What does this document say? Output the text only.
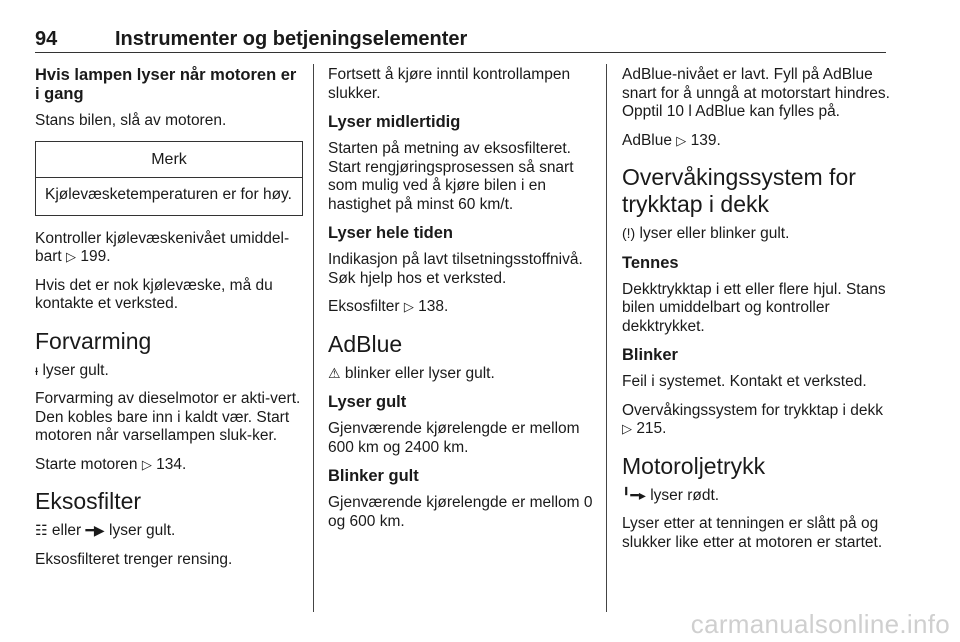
94	Instrumenter og betjeningselementer
Hvis lampen lyser når motoren er i gang

Stans bilen, slå av motoren.

Merk
Kjølevæsketemperaturen er for høy.

Kontroller kjølevæskenivået umiddel-bart ▷ 199.

Hvis det er nok kjølevæske, må du kontakte et verksted.

Forvarming

ᵼ lyser gult.

Forvarming av dieselmotor er akti-vert. Den kobles bare inn i kaldt vær. Start motoren når varsellampen sluk-ker.

Starte motoren ▷ 134.

Eksosfilter

☷ eller ━▶ lyser gult.

Eksosfilteret trenger rensing.

Fortsett å kjøre inntil kontrollampen slukker.

Lyser midlertidig

Starten på metning av eksosfilteret. Start rengjøringsprosessen så snart som mulig ved å kjøre bilen i en hastighet på minst 60 km/t.

Lyser hele tiden

Indikasjon på lavt tilsetningsstoffnivå. Søk hjelp hos et verksted.

Eksosfilter ▷ 138.

AdBlue

⚠ blinker eller lyser gult.

Lyser gult

Gjenværende kjørelengde er mellom 600 km og 2400 km.

Blinker gult

Gjenværende kjørelengde er mellom 0 og 600 km.

AdBlue-nivået er lavt. Fyll på AdBlue snart for å unngå at motorstart hindres. Opptil 10 l AdBlue kan fylles på.

AdBlue ▷ 139.

Overvåkingssystem for trykktap i dekk

(!) lyser eller blinker gult.

Tennes

Dekktrykktap i ett eller flere hjul. Stans bilen umiddelbart og kontroller dekktrykket.

Blinker

Feil i systemet. Kontakt et verksted.

Overvåkingssystem for trykktap i dekk ▷ 215.

Motoroljetrykk

╹━▸ lyser rødt.

Lyser etter at tenningen er slått på og slukker like etter at motoren er startet.

carmanualsonline.info
